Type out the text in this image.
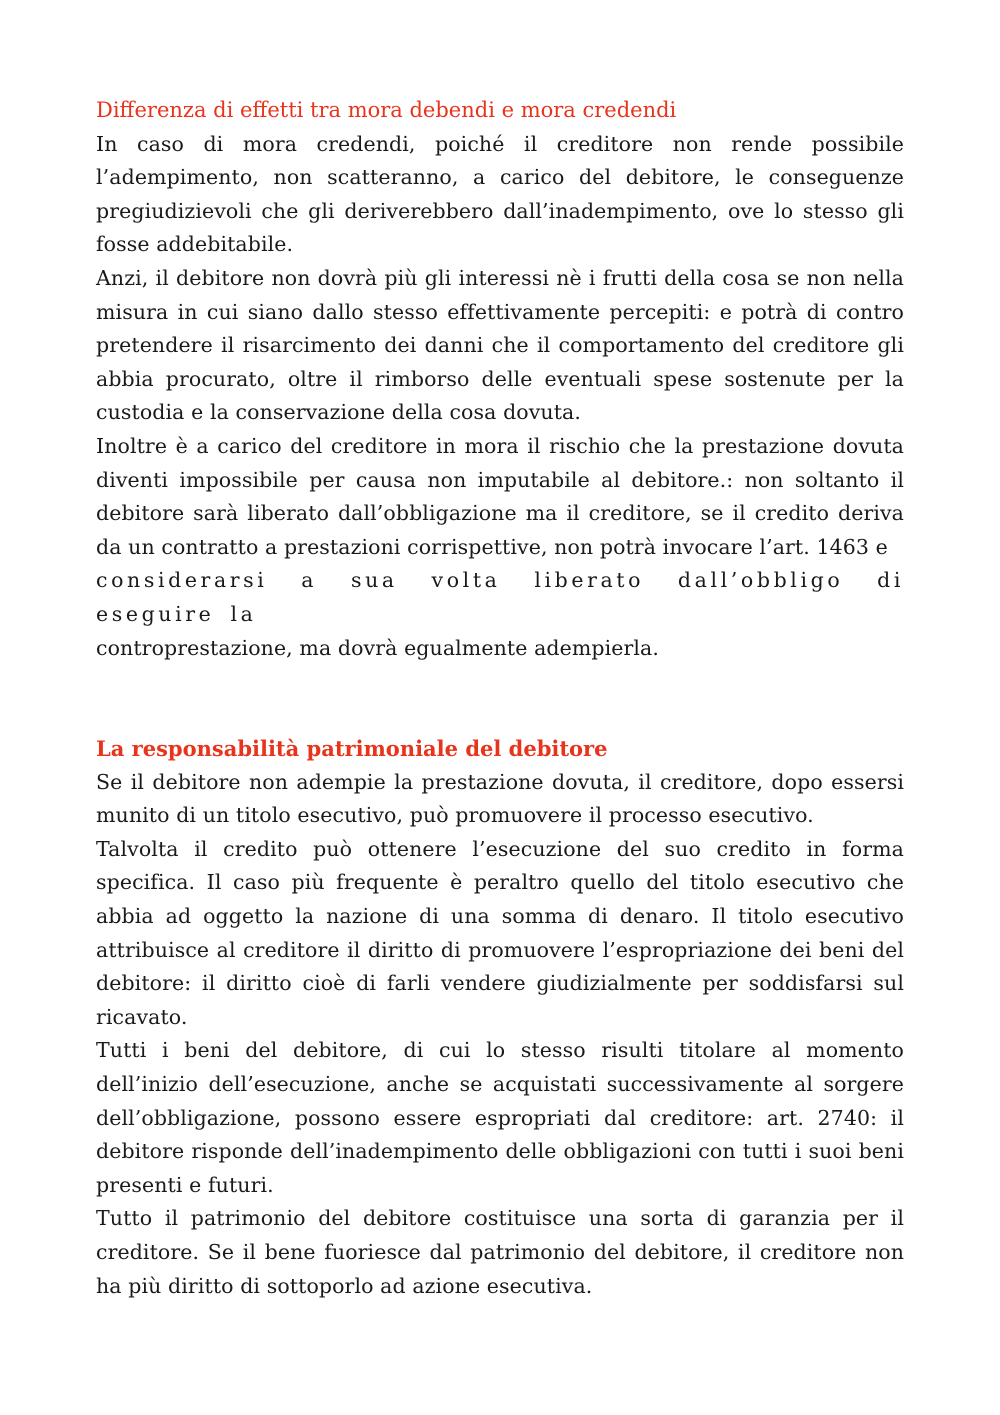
Differenza di effetti tra mora debendi e mora credendi

In caso di mora credendi, poiché il creditore non rende possibile l’adempimento, non scatteranno, a carico del debitore, le conseguenze pregiudizievoli che gli deriverebbero dall’inadempimento, ove lo stesso gli fosse addebitabile.

Anzi, il debitore non dovrà più gli interessi nè i frutti della cosa se non nella misura in cui siano dallo stesso effettivamente percepiti: e potrà di contro pretendere il risarcimento dei danni che il comportamento del creditore gli abbia procurato, oltre il rimborso delle eventuali spese sostenute per la custodia e la conservazione della cosa dovuta.

Inoltre è a carico del creditore in mora il rischio che la prestazione dovuta diventi impossibile per causa non imputabile al debitore.: non soltanto il debitore sarà liberato dall’obbligazione ma il creditore, se il credito deriva da un contratto a prestazioni corrispettive, non potrà invocare l’art. 1463 e
considerarsi a sua volta liberato dall’obbligo di eseguire la
controprestazione, ma dovrà egualmente adempierla.

La responsabilità patrimoniale del debitore

Se il debitore non adempie la prestazione dovuta, il creditore, dopo essersi munito di un titolo esecutivo, può promuovere il processo esecutivo.

Talvolta il credito può ottenere l’esecuzione del suo credito in forma specifica. Il caso più frequente è peraltro quello del titolo esecutivo che abbia ad oggetto la nazione di una somma di denaro. Il titolo esecutivo attribuisce al creditore il diritto di promuovere l’espropriazione dei beni del debitore: il diritto cioè di farli vendere giudizialmente per soddisfarsi sul ricavato.

Tutti i beni del debitore, di cui lo stesso risulti titolare al momento dell’inizio dell’esecuzione, anche se acquistati successivamente al sorgere dell’obbligazione, possono essere espropriati dal creditore: art. 2740: il debitore risponde dell’inadempimento delle obbligazioni con tutti i suoi beni presenti e futuri.

Tutto il patrimonio del debitore costituisce una sorta di garanzia per il creditore. Se il bene fuoriesce dal patrimonio del debitore, il creditore non ha più diritto di sottoporlo ad azione esecutiva.
